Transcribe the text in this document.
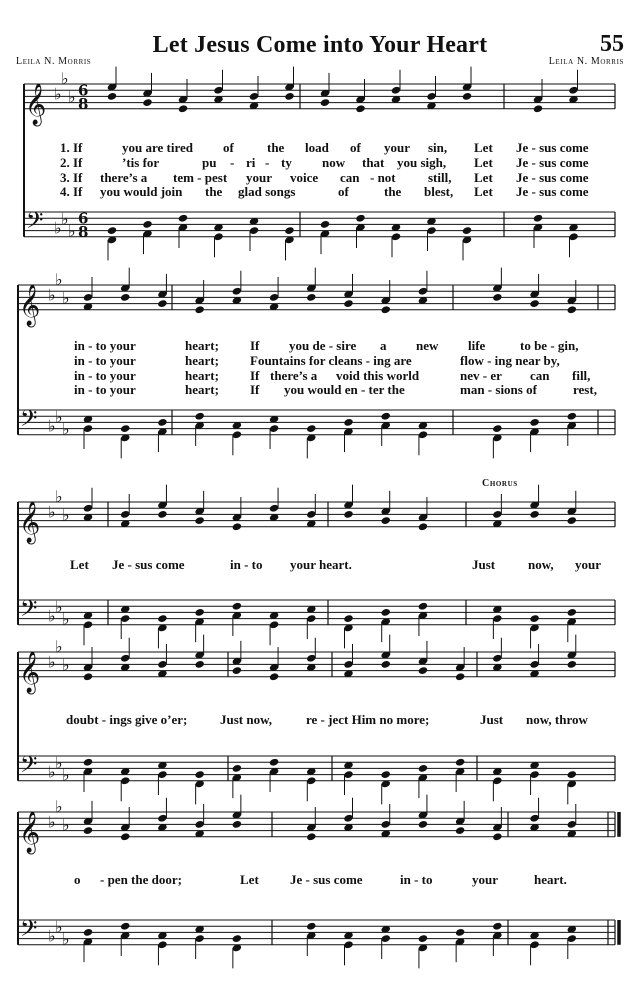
Let Jesus Come into Your Heart	55
Leila N. Morris	Leila N. Morris
Chorus
𝄞 ♭
♭
♭ 6
8
𝄢 ♭ ♭
♭
6
8
𝄞 ♭
♭
♭
𝄢 ♭ ♭
♭
𝄞 ♭
♭
♭
𝄢 ♭ ♭
♭
𝄞 ♭
♭
♭
𝄢 ♭ ♭
♭
𝄞 ♭
♭
♭
𝄢 ♭ ♭
♭
1. If	you are tired of	the load of your sin, Let Je - sus come
2. If	’tis for	pu - ri - ty now that you sigh, Let Je - sus come
3. If there’s a tem - pest your voice can - not still, Let Je - sus come
4. If you would join the glad songs	of	the blest, Let Je - sus come
in - to your	heart; If you de - sire a new life	to be - gin,
in - to your	heart; Fountains for cleans - ing are	flow - ing near by,
in - to your	heart; If there’s a void this world	nev - er can fill,
in - to your	heart; If you would en - ter the	man - sions of	rest,
Let Je - sus come	in - to your heart.	Just	now, your
doubt - ings give o’er;	Just now,	re - ject Him no more;	Just now, throw
o - pen the door;	Let Je - sus come	in - to	your	heart.
